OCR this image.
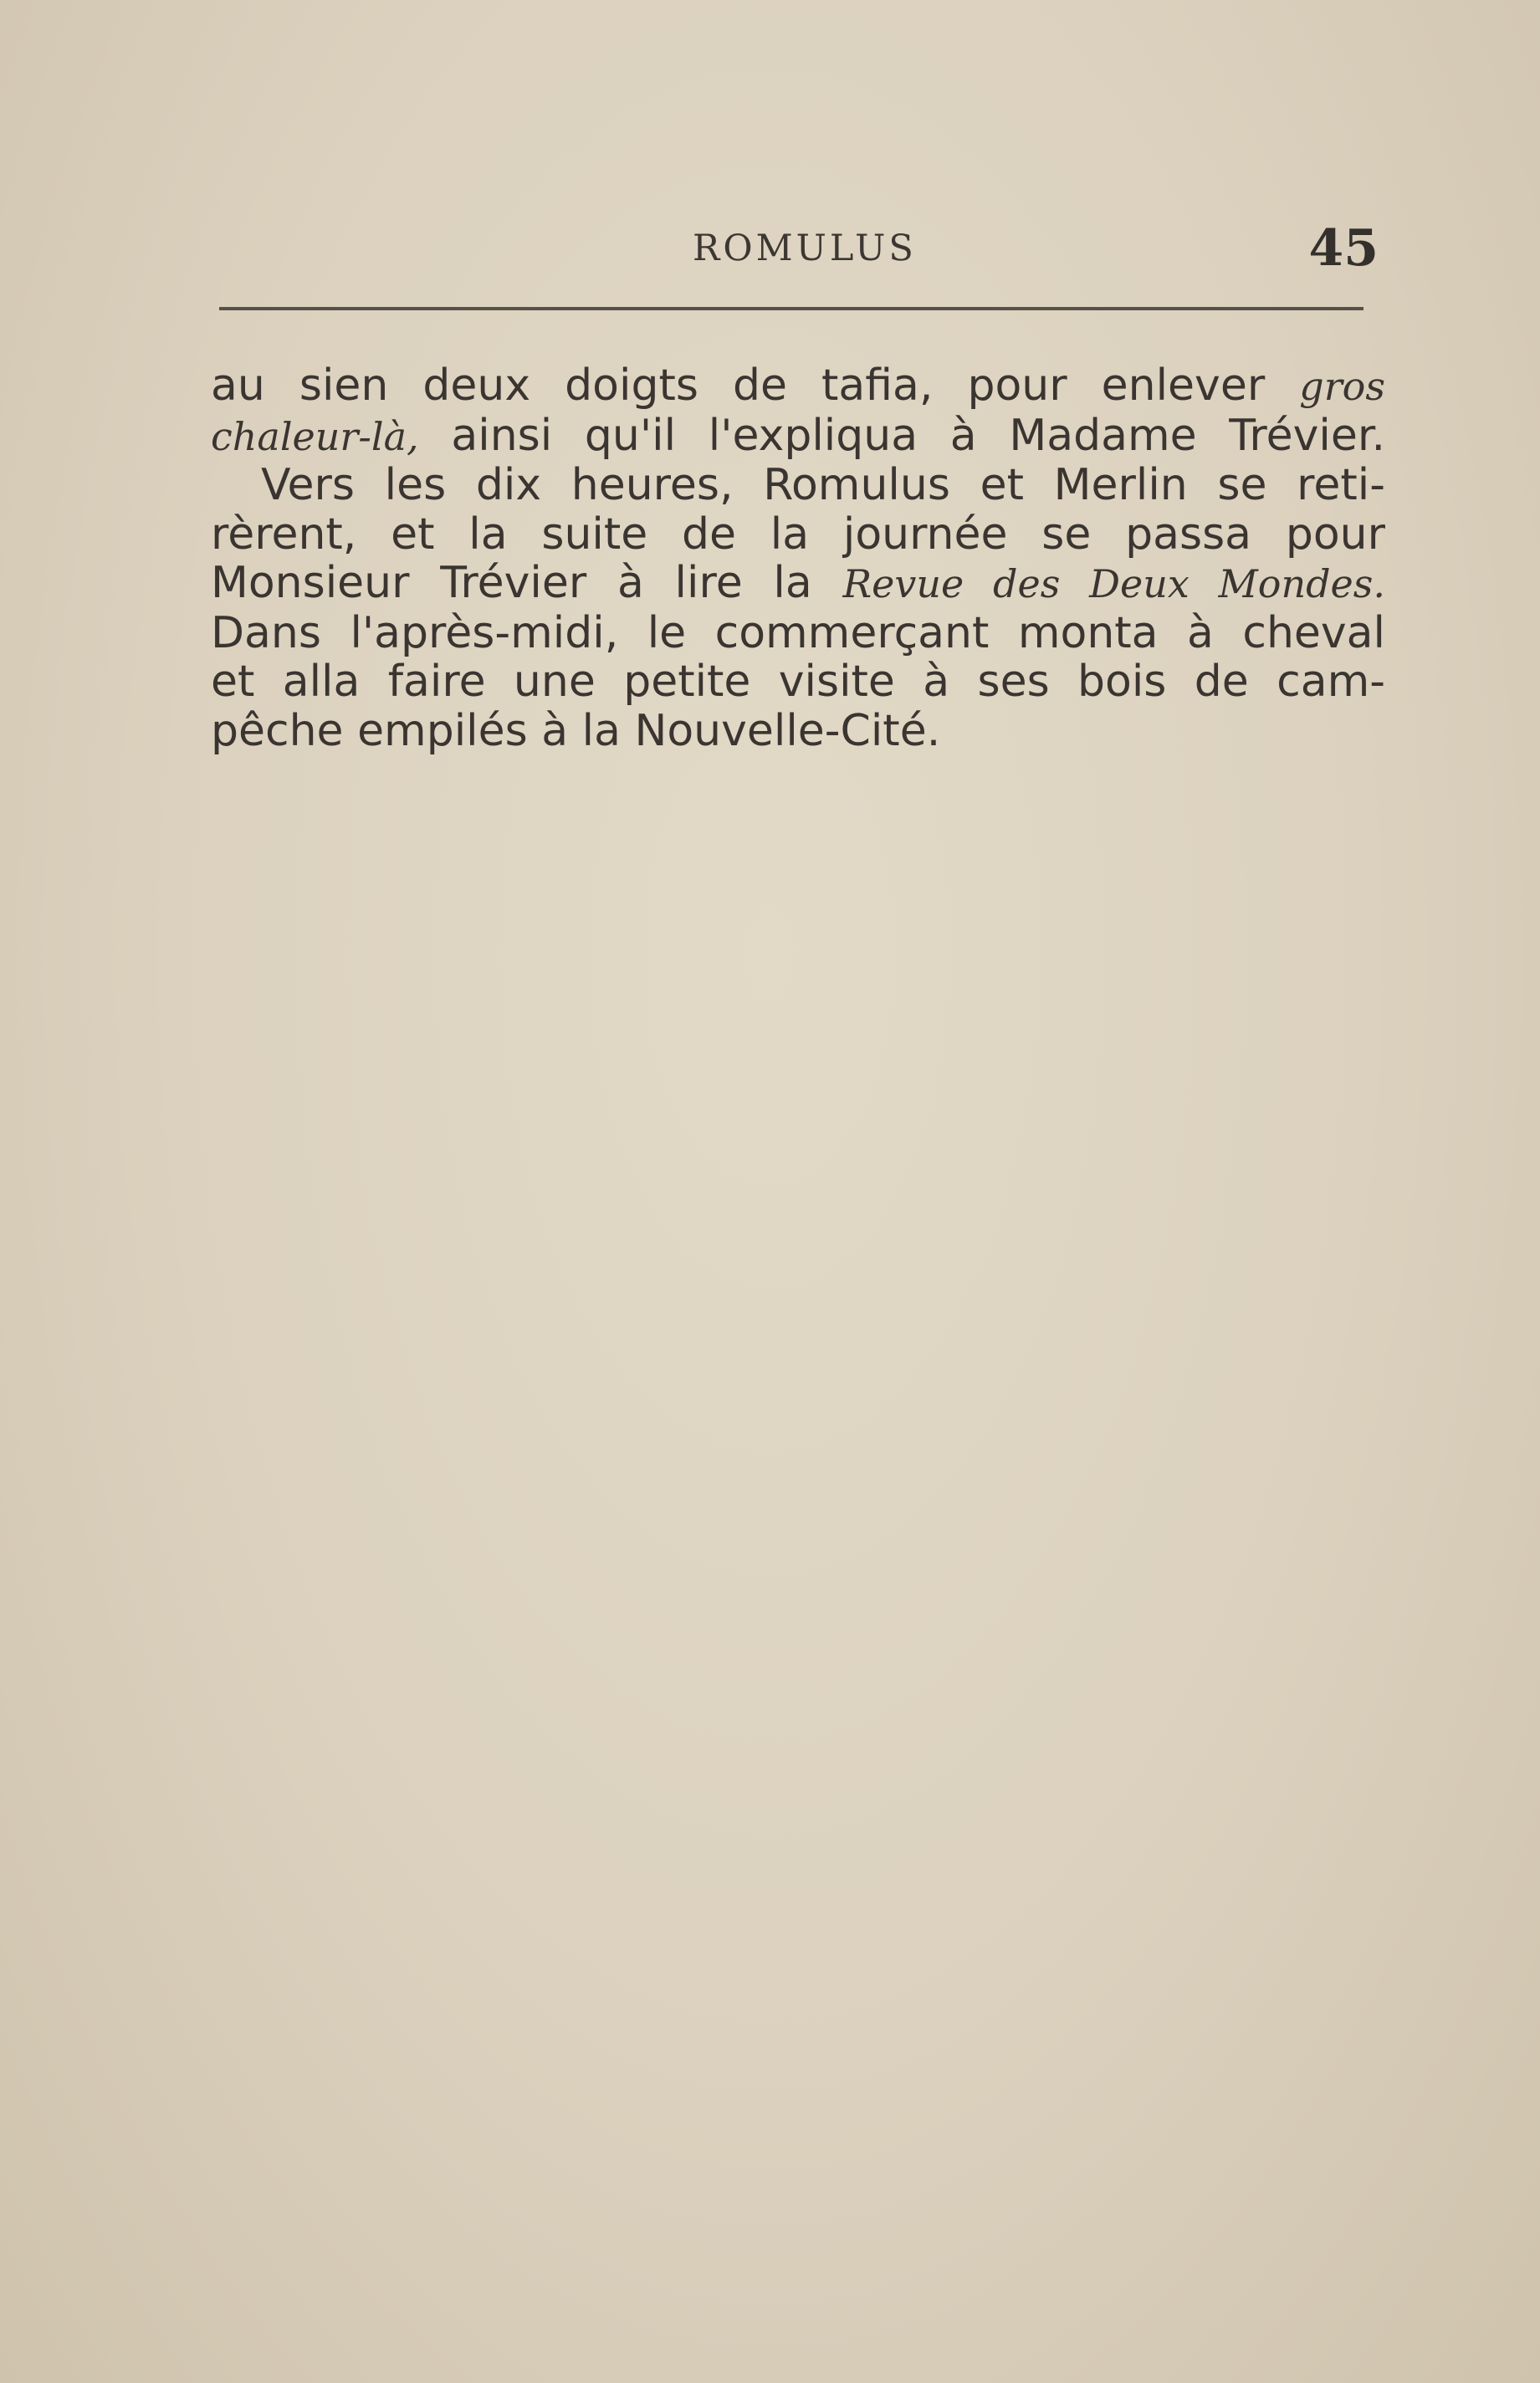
ROMULUS	45
au sien deux doigts de tafia, pour enlever gros
chaleur-là, ainsi qu'il l'expliqua à Madame Trévier.
Vers les dix heures, Romulus et Merlin se reti-
rèrent, et la suite de la journée se passa pour
Monsieur Trévier à lire la Revue des Deux Mondes.
Dans l'après-midi, le commerçant monta à cheval
et alla faire une petite visite à ses bois de cam-
pêche empilés à la Nouvelle-Cité.
